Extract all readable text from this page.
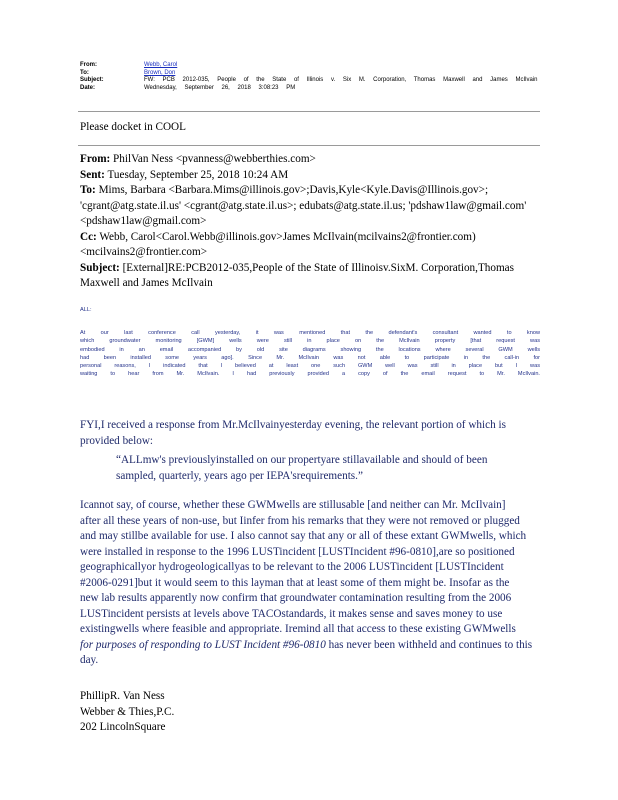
From:	Webb, Carol
To:	Brown, Don
Subject:	FW: PCB 2012-035, People of the State of Illinois v. Six M. Corporation, Thomas Maxwell and James McIlvain
Date:	Wednesday, September 26, 2018 3:08:23 PM
Please docket in COOL
From: PhilVan Ness <pvanness@webberthies.com>
Sent: Tuesday, September 25, 2018 10:24 AM
To: Mims, Barbara <Barbara.Mims@illinois.gov>;Davis,Kyle<Kyle.Davis@Illinois.gov>;
'cgrant@atg.state.il.us' <cgrant@atg.state.il.us>; edubats@atg.state.il.us; 'pdshaw1law@gmail.com'
<pdshaw1law@gmail.com>
Cc: Webb, Carol<Carol.Webb@illinois.gov>James McIlvain(mcilvains2@frontier.com)
<mcilvains2@frontier.com>
Subject: [External]RE:PCB2012-035,People of the State of Illinoisv.SixM. Corporation,Thomas
Maxwell and James McIlvain
ALL:
At our last conference call yesterday, it was mentioned that the defendant's consultant wanted to know
which groundwater monitoring [GWM] wells were still in place on the McIlvain property [that request was
embodied in an email accompanied by old site diagrams showing the locations where several GWM wells
had been installed some years ago]. Since Mr. McIlvain was not able to participate in the call-in for
personal reasons, I indicated that I believed at least one such GWM well was still in place but I was
waiting to hear from Mr. McIlvain. I had previously provided a copy of the email request to Mr. McIlvain.
FYI,I received a response from Mr.McIlvainyesterday evening, the relevant portion of which is
provided below:
“ALLmw's previouslyinstalled on our propertyare stillavailable and should of been
sampled, quarterly, years ago per IEPA'srequirements.”
Icannot say, of course, whether these GWMwells are stillusable [and neither can Mr. McIlvain]
after all these years of non-use, but Iinfer from his remarks that they were not removed or plugged
and may stillbe available for use. I also cannot say that any or all of these extant GWMwells, which
were installed in response to the 1996 LUSTincident [LUSTIncident #96-0810],are so positioned
geographicallyor hydrogeologicallyas to be relevant to the 2006 LUSTincident [LUSTIncident
#2006-0291]but it would seem to this layman that at least some of them might be. Insofar as the
new lab results apparently now confirm that groundwater contamination resulting from the 2006
LUSTincident persists at levels above TACOstandards, it makes sense and saves money to use
existingwells where feasible and appropriate. Iremind all that access to these existing GWMwells
for purposes of responding to LUST Incident #96-0810 has never been withheld and continues to this
day.
PhillipR. Van Ness
Webber & Thies,P.C.
202 LincolnSquare
